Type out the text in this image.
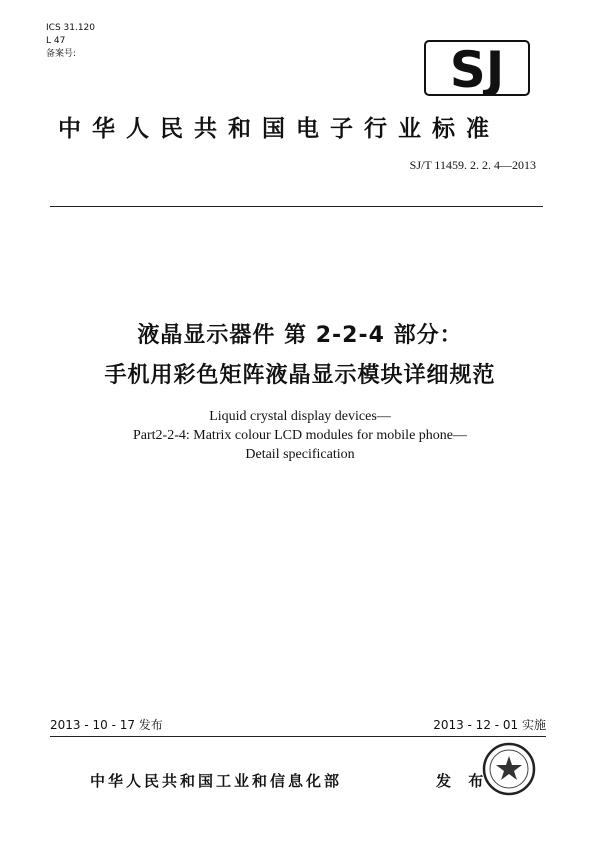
ICS 31.120
L 47
备案号:	SJ
中华人民共和国电子行业标准
SJ/T 11459. 2. 2. 4—2013
液晶显示器件 第 2-2-4 部分：
手机用彩色矩阵液晶显示模块详细规范
Liquid crystal display devices—
Part2-2-4: Matrix colour LCD modules for mobile phone—
Detail specification
2013 - 10 - 17 发布	2013 - 12 - 01 实施
中华人民共和国工业和信息化部	发 布
